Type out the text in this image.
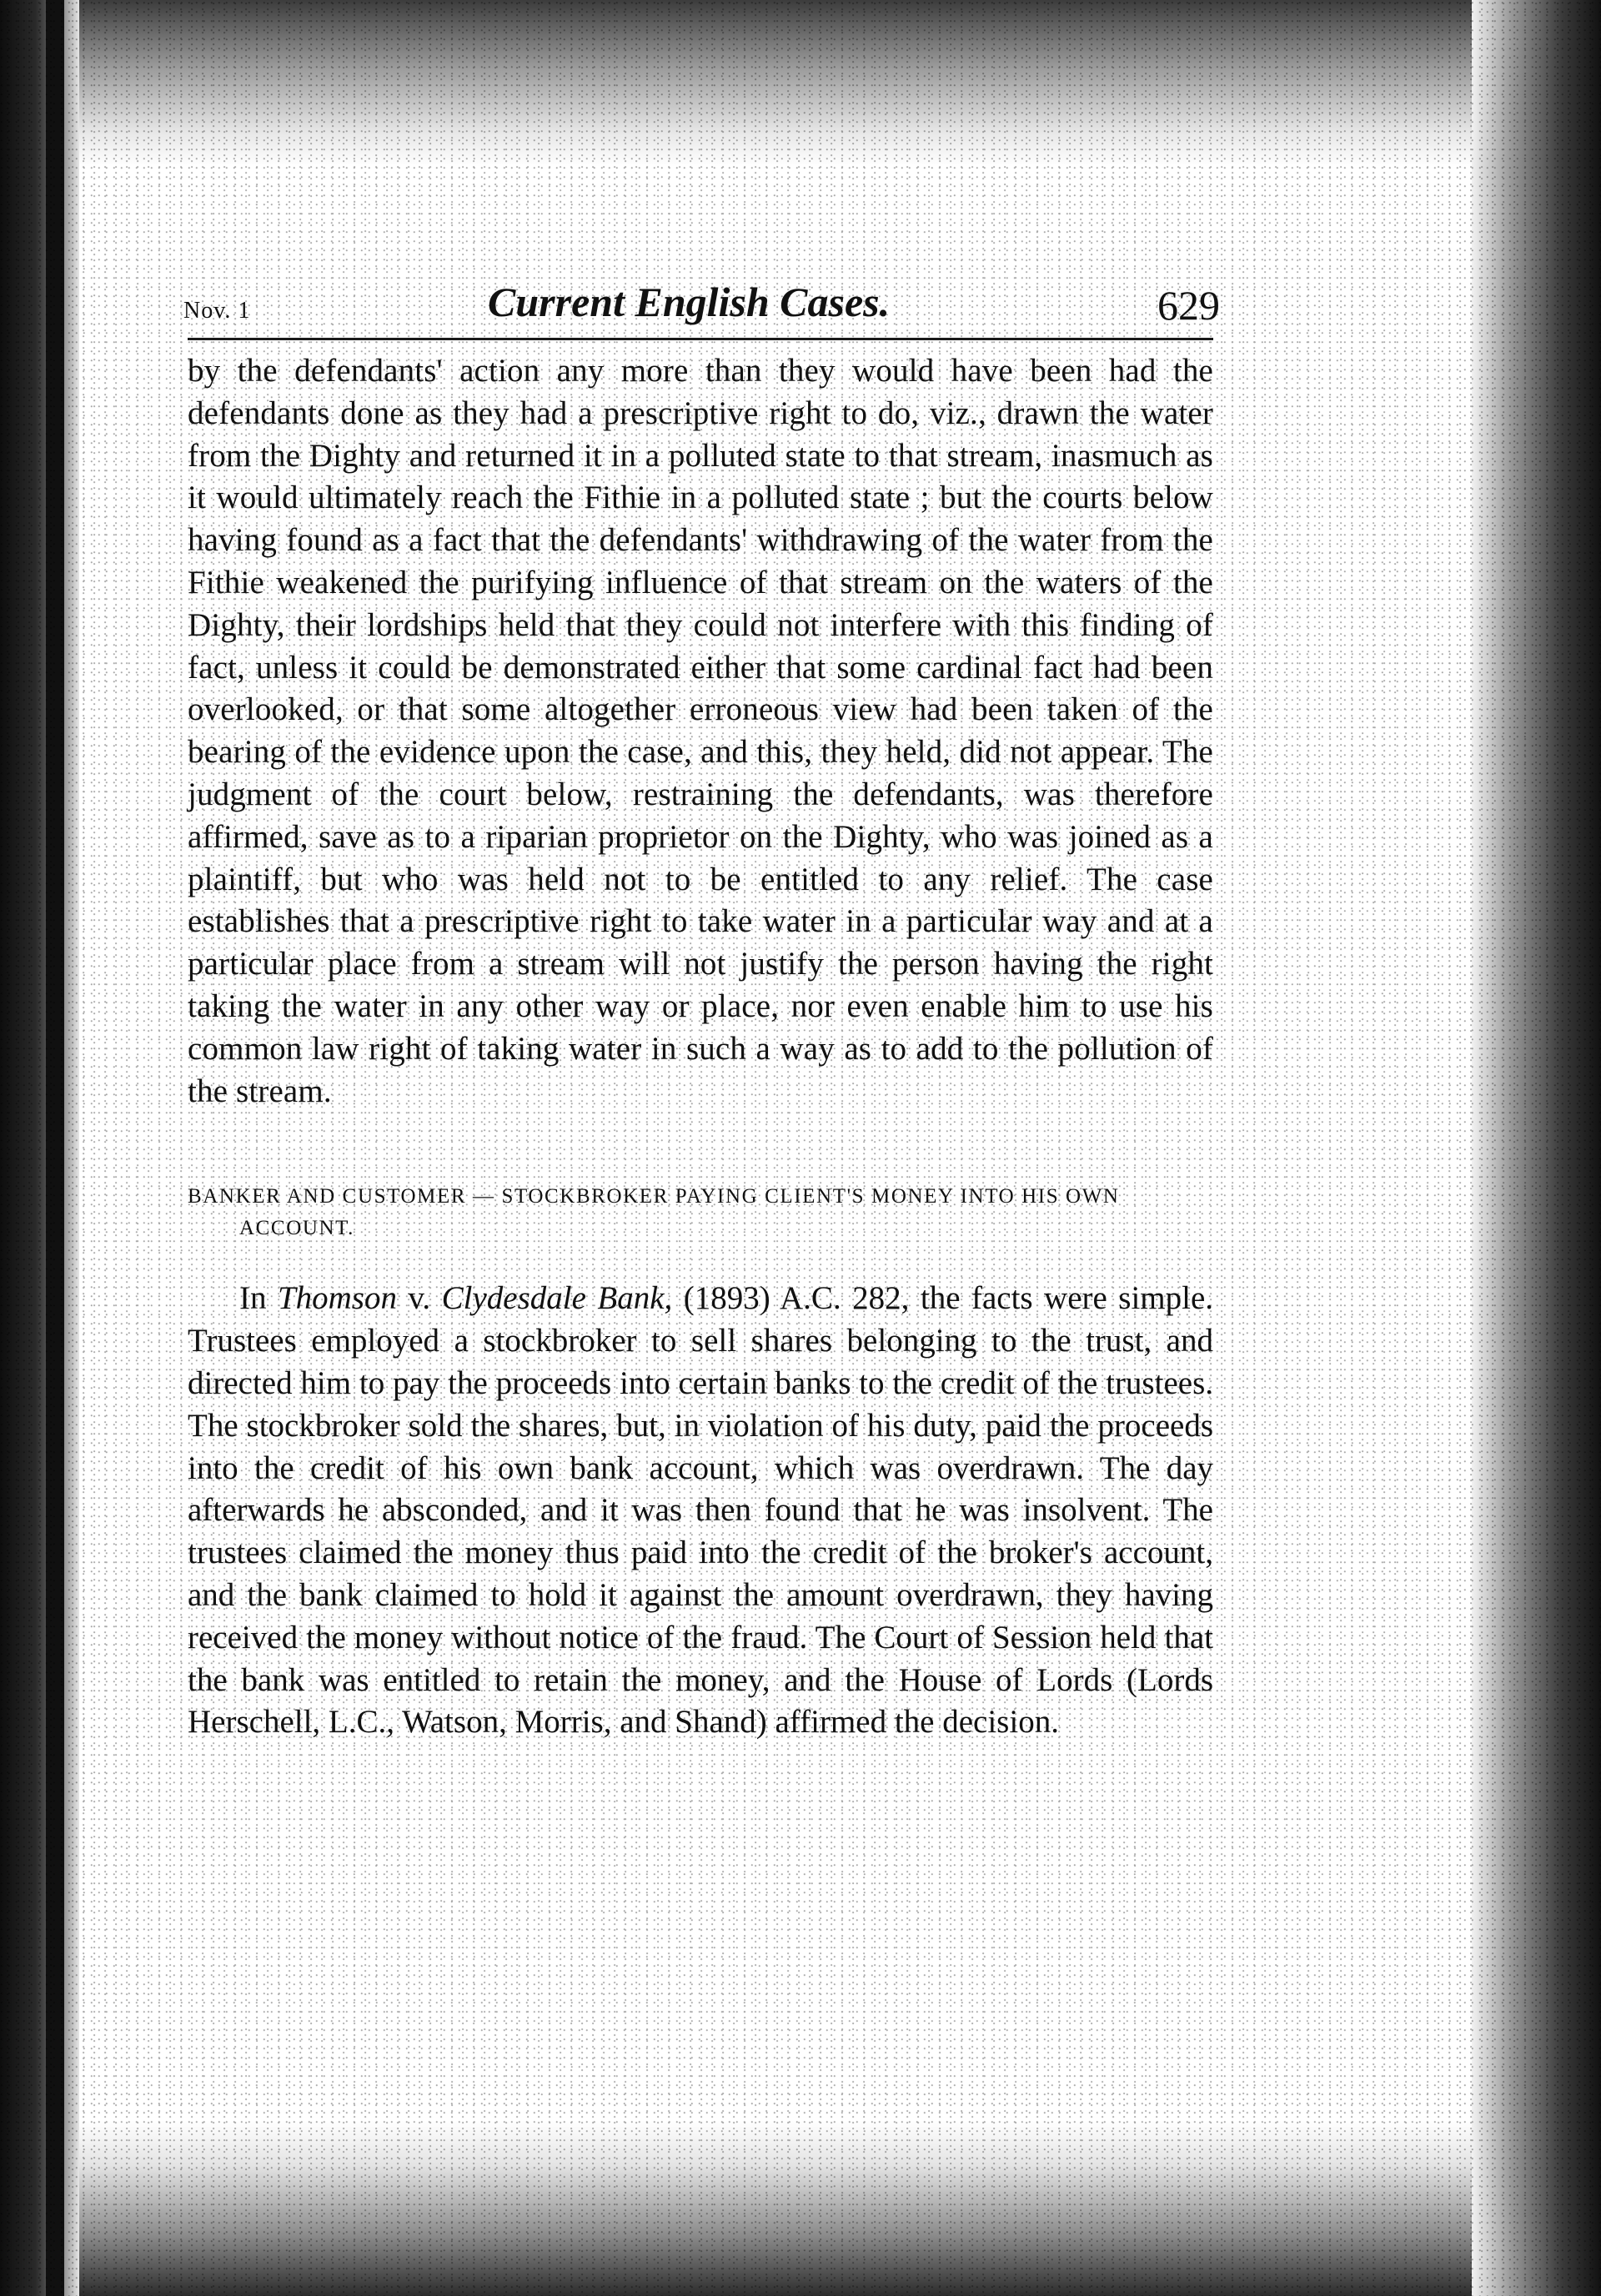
Nov. 1	Current English Cases.	629

by the defendants' action any more than they would have been had the defendants done as they had a prescriptive right to do, viz., drawn the water from the Dighty and returned it in a polluted state to that stream, inasmuch as it would ultimately reach the Fithie in a polluted state ; but the courts below having found as a fact that the defendants' withdrawing of the water from the Fithie weakened the purifying influence of that stream on the waters of the Dighty, their lordships held that they could not interfere with this finding of fact, unless it could be demonstrated either that some cardinal fact had been overlooked, or that some altogether erroneous view had been taken of the bearing of the evidence upon the case, and this, they held, did not appear. The judgment of the court below, restraining the defendants, was therefore affirmed, save as to a riparian proprietor on the Dighty, who was joined as a plaintiff, but who was held not to be entitled to any relief. The case establishes that a prescriptive right to take water in a particular way and at a particular place from a stream will not justify the person having the right taking the water in any other way or place, nor even enable him to use his common law right of taking water in such a way as to add to the pollution of the stream.

BANKER AND CUSTOMER — STOCKBROKER PAYING CLIENT'S MONEY INTO HIS OWN
ACCOUNT.

In Thomson v. Clydesdale Bank, (1893) A.C. 282, the facts were simple. Trustees employed a stockbroker to sell shares belonging to the trust, and directed him to pay the proceeds into certain banks to the credit of the trustees. The stockbroker sold the shares, but, in violation of his duty, paid the proceeds into the credit of his own bank account, which was overdrawn. The day afterwards he absconded, and it was then found that he was insolvent. The trustees claimed the money thus paid into the credit of the broker's account, and the bank claimed to hold it against the amount overdrawn, they having received the money without notice of the fraud. The Court of Session held that the bank was entitled to retain the money, and the House of Lords (Lords Herschell, L.C., Watson, Morris, and Shand) affirmed the decision.
